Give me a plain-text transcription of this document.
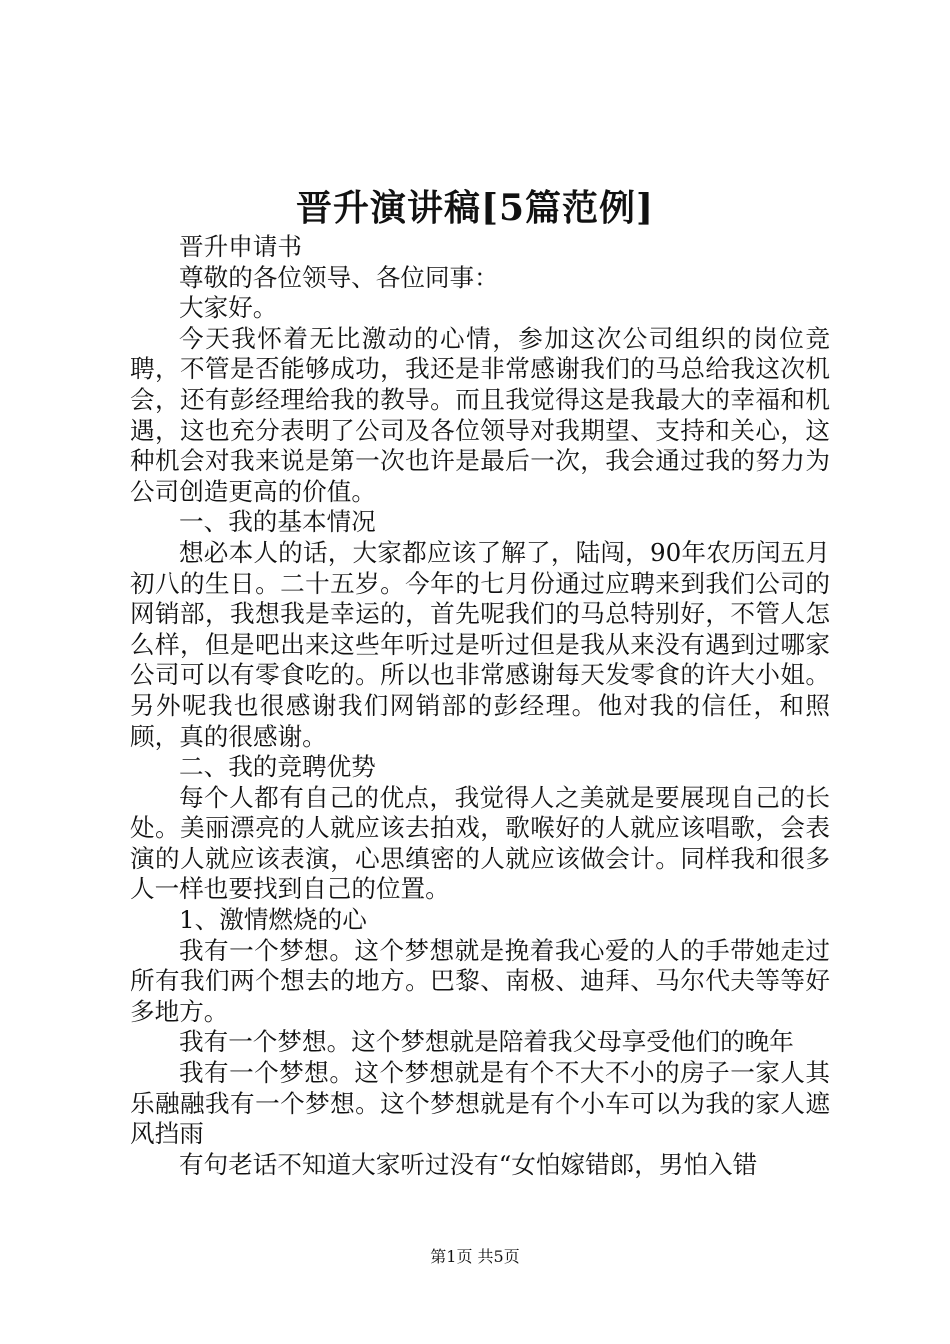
晋升演讲稿[5篇范例]

晋升申请书

尊敬的各位领导、各位同事：

大家好。

今天我怀着无比激动的心情，参加这次公司组织的岗位竞聘，不管是否能够成功，我还是非常感谢我们的马总给我这次机会，还有彭经理给我的教导。而且我觉得这是我最大的幸福和机遇，这也充分表明了公司及各位领导对我期望、支持和关心，这种机会对我来说是第一次也许是最后一次，我会通过我的努力为公司创造更高的价值。

一、我的基本情况

想必本人的话，大家都应该了解了，陆闯，90年农历闰五月初八的生日。二十五岁。今年的七月份通过应聘来到我们公司的网销部，我想我是幸运的，首先呢我们的马总特别好，不管人怎么样，但是吧出来这些年听过是听过但是我从来没有遇到过哪家公司可以有零食吃的。所以也非常感谢每天发零食的许大小姐。另外呢我也很感谢我们网销部的彭经理。他对我的信任，和照顾，真的很感谢。

二、我的竞聘优势

每个人都有自己的优点，我觉得人之美就是要展现自己的长处。美丽漂亮的人就应该去拍戏，歌喉好的人就应该唱歌，会表演的人就应该表演，心思缜密的人就应该做会计。同样我和很多人一样也要找到自己的位置。

1、激情燃烧的心

我有一个梦想。这个梦想就是挽着我心爱的人的手带她走过所有我们两个想去的地方。巴黎、南极、迪拜、马尔代夫等等好多地方。

我有一个梦想。这个梦想就是陪着我父母享受他们的晚年

我有一个梦想。这个梦想就是有个不大不小的房子一家人其乐融融我有一个梦想。这个梦想就是有个小车可以为我的家人遮风挡雨

有句老话不知道大家听过没有“女怕嫁错郎，男怕入错

第1页 共5页
